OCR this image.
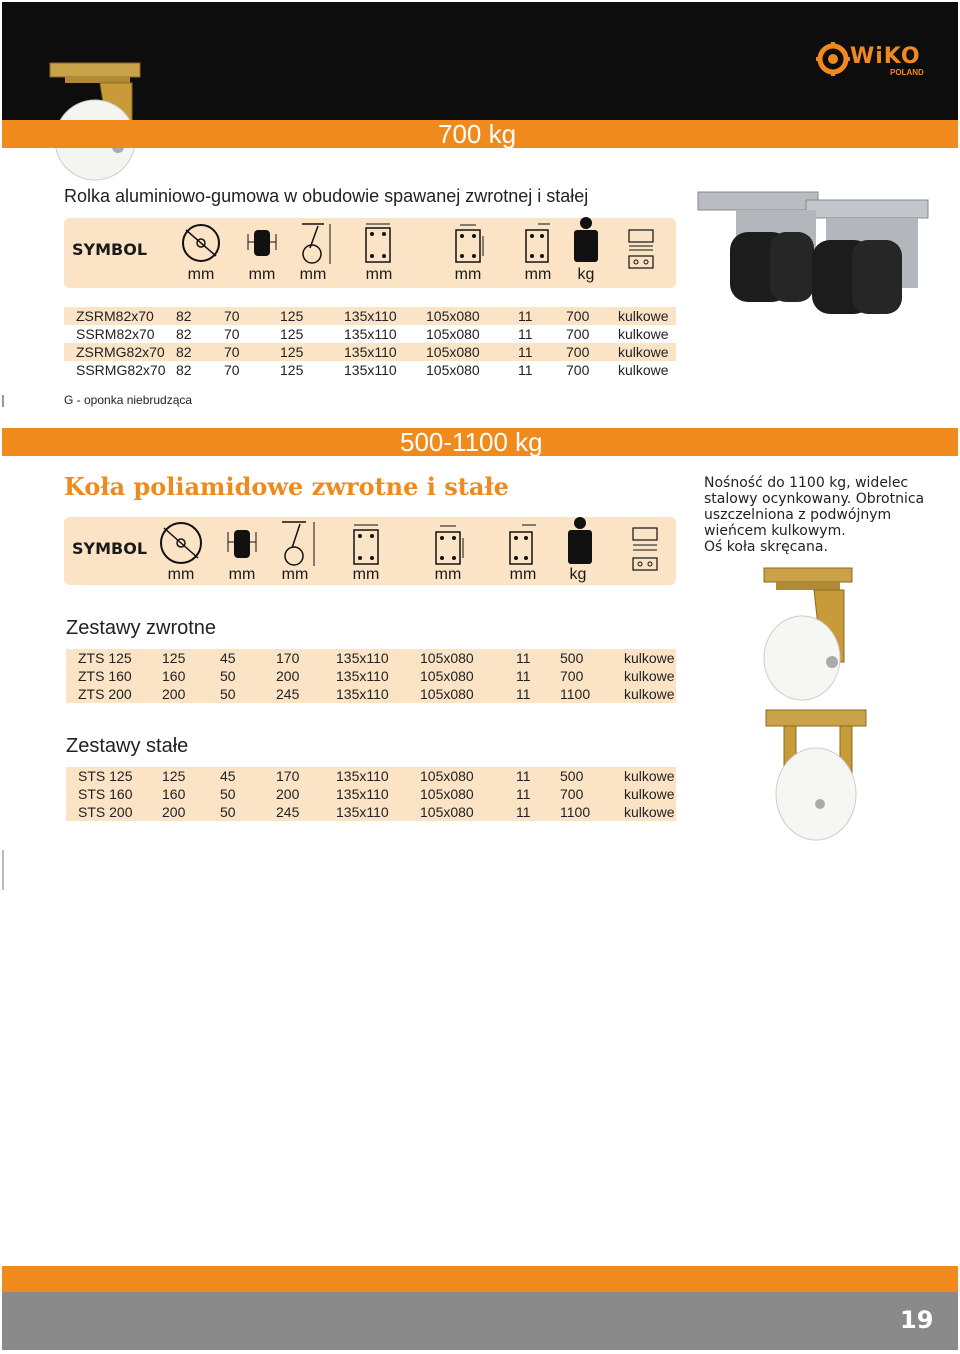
WiKO
POLAND
700 kg
Rolka aluminiowo-gumowa w obudowie spawanej zwrotnej i stałej
SYMBOL
mm	mm	mm	mm	mm	mm	kg
ZSRM82x70	82	70	125	135x110	105x080	11	700	kulkowe
SSRM82x70	82	70	125	135x110	105x080	11	700	kulkowe
ZSRMG82x70	82	70	125	135x110	105x080	11	700	kulkowe
SSRMG82x70	82	70	125	135x110	105x080	11	700	kulkowe
G - oponka niebrudząca
500-1100 kg
Koła poliamidowe zwrotne i stałe	Nośność do 1100 kg, widelec
stalowy ocynkowany. Obrotnica
uszczelniona z podwójnym
wieńcem kulkowym.
Oś koła skręcana.
SYMBOL
mm	mm	mm	mm	mm	mm	kg
Zestawy zwrotne
ZTS 125	125	45	170	135x110	105x080	11	500	kulkowe
ZTS 160	160	50	200	135x110	105x080	11	700	kulkowe
ZTS 200	200	50	245	135x110	105x080	11	1100	kulkowe
Zestawy stałe
STS 125	125	45	170	135x110	105x080	11	500	kulkowe
STS 160	160	50	200	135x110	105x080	11	700	kulkowe
STS 200	200	50	245	135x110	105x080	11	1100	kulkowe
19
